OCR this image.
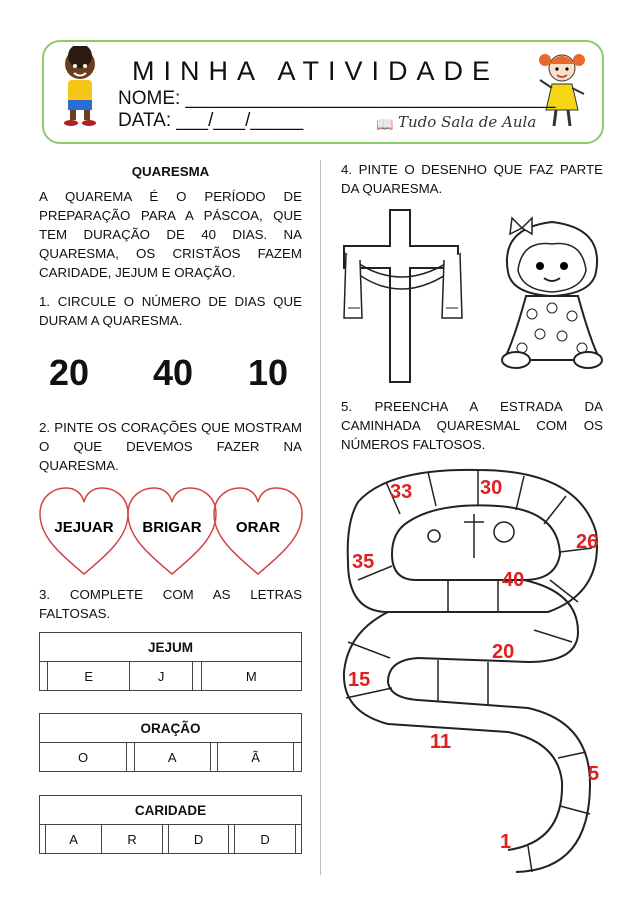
MINHA ATIVIDADE
NOME: ___________________________________
DATA: ___/___/_____	📖 Tudo Sala de Aula
QUARESMA
A QUAREMA É O PERÍODO DE PREPARAÇÃO PARA A PÁSCOA, QUE TEM DURAÇÃO DE 40 DIAS. NA QUARESMA, OS CRISTÃOS FAZEM CARIDADE, JEJUM E ORAÇÃO.
1. CIRCULE O NÚMERO DE DIAS QUE DURAM A QUARESMA.
20 40 10
2. PINTE OS CORAÇÕES QUE MOSTRAM O QUE DEVEMOS FAZER NA QUARESMA.
JEJUAR BRIGAR ORAR
3. COMPLETE COM AS LETRAS FALTOSAS.
JEJUM
	E	J		M
ORAÇÃO
O		A		Ã	
CARIDADE
	A	R		D		D	
4. PINTE O DESENHO QUE FAZ PARTE DA QUARESMA.
5. PREENCHA A ESTRADA DA CAMINHADA QUARESMAL COM OS NÚMEROS FALTOSOS.
33	30
26
35
40
20
15
11
5
1
